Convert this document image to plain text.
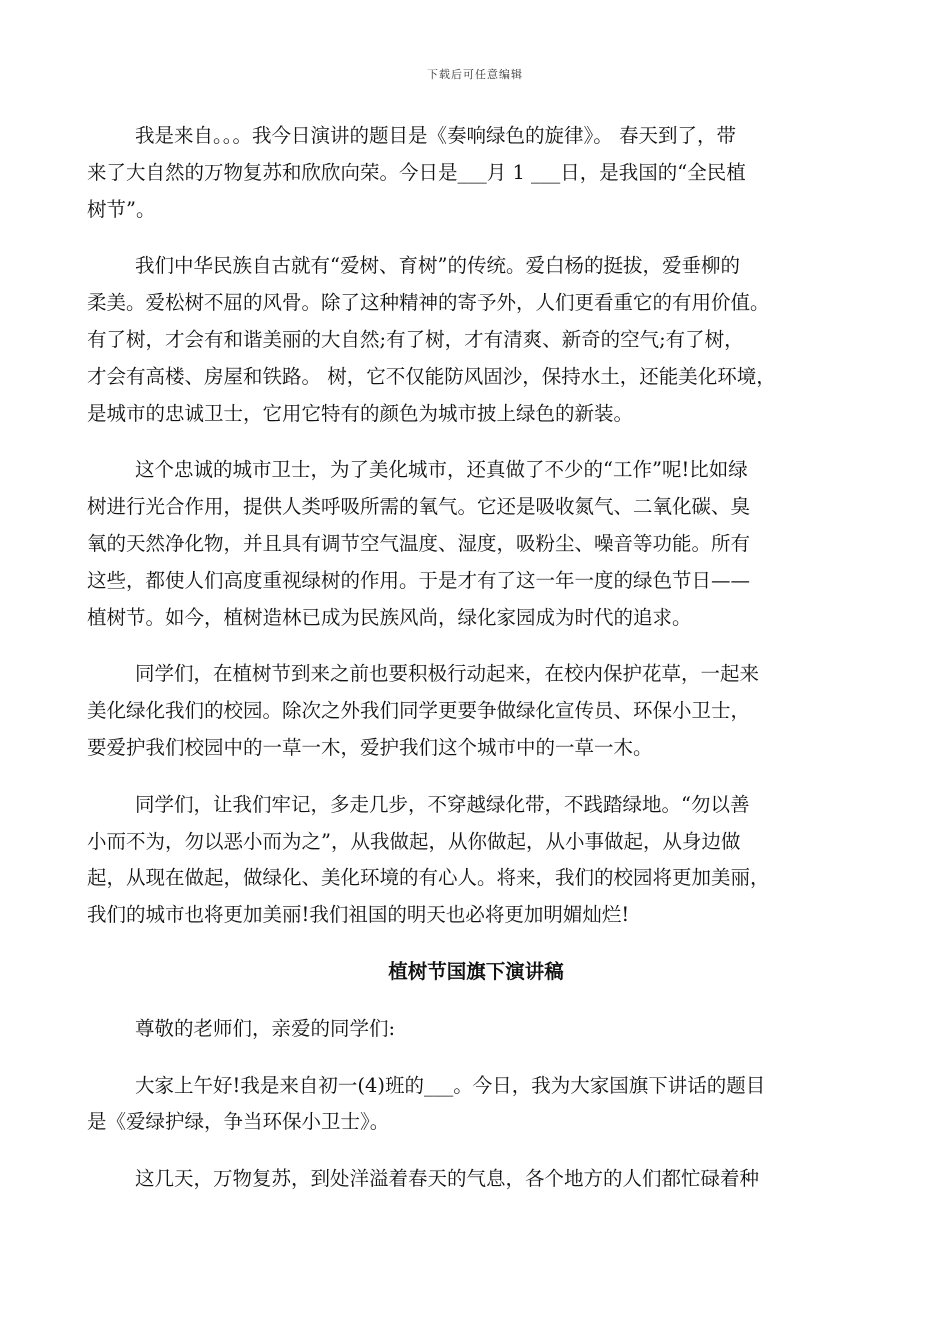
下载后可任意编辑
我是来自。。。我今日演讲的题目是《奏响绿色的旋律》。 春天到了，带
来了大自然的万物复苏和欣欣向荣。今日是___月 1 ___日，是我国的“全民植
树节”。
我们中华民族自古就有“爱树、育树”的传统。爱白杨的挺拔，爱垂柳的
柔美。爱松树不屈的风骨。除了这种精神的寄予外，人们更看重它的有用价值。
有了树，才会有和谐美丽的大自然;有了树，才有清爽、新奇的空气;有了树，
才会有高楼、房屋和铁路。 树，它不仅能防风固沙，保持水土，还能美化环境，
是城市的忠诚卫士，它用它特有的颜色为城市披上绿色的新装。
这个忠诚的城市卫士，为了美化城市，还真做了不少的“工作”呢!比如绿
树进行光合作用，提供人类呼吸所需的氧气。它还是吸收氮气、二氧化碳、臭
氧的天然净化物，并且具有调节空气温度、湿度，吸粉尘、噪音等功能。所有
这些，都使人们高度重视绿树的作用。于是才有了这一年一度的绿色节日——
植树节。如今，植树造林已成为民族风尚，绿化家园成为时代的追求。
同学们，在植树节到来之前也要积极行动起来，在校内保护花草，一起来
美化绿化我们的校园。除次之外我们同学更要争做绿化宣传员、环保小卫士，
要爱护我们校园中的一草一木，爱护我们这个城市中的一草一木。
同学们，让我们牢记，多走几步，不穿越绿化带，不践踏绿地。“勿以善
小而不为，勿以恶小而为之”，从我做起，从你做起，从小事做起，从身边做
起，从现在做起，做绿化、美化环境的有心人。将来，我们的校园将更加美丽，
我们的城市也将更加美丽!我们祖国的明天也必将更加明媚灿烂!
植树节国旗下演讲稿
尊敬的老师们，亲爱的同学们:
大家上午好!我是来自初一(4)班的___。今日，我为大家国旗下讲话的题目
是《爱绿护绿，争当环保小卫士》。
这几天，万物复苏，到处洋溢着春天的气息，各个地方的人们都忙碌着种
